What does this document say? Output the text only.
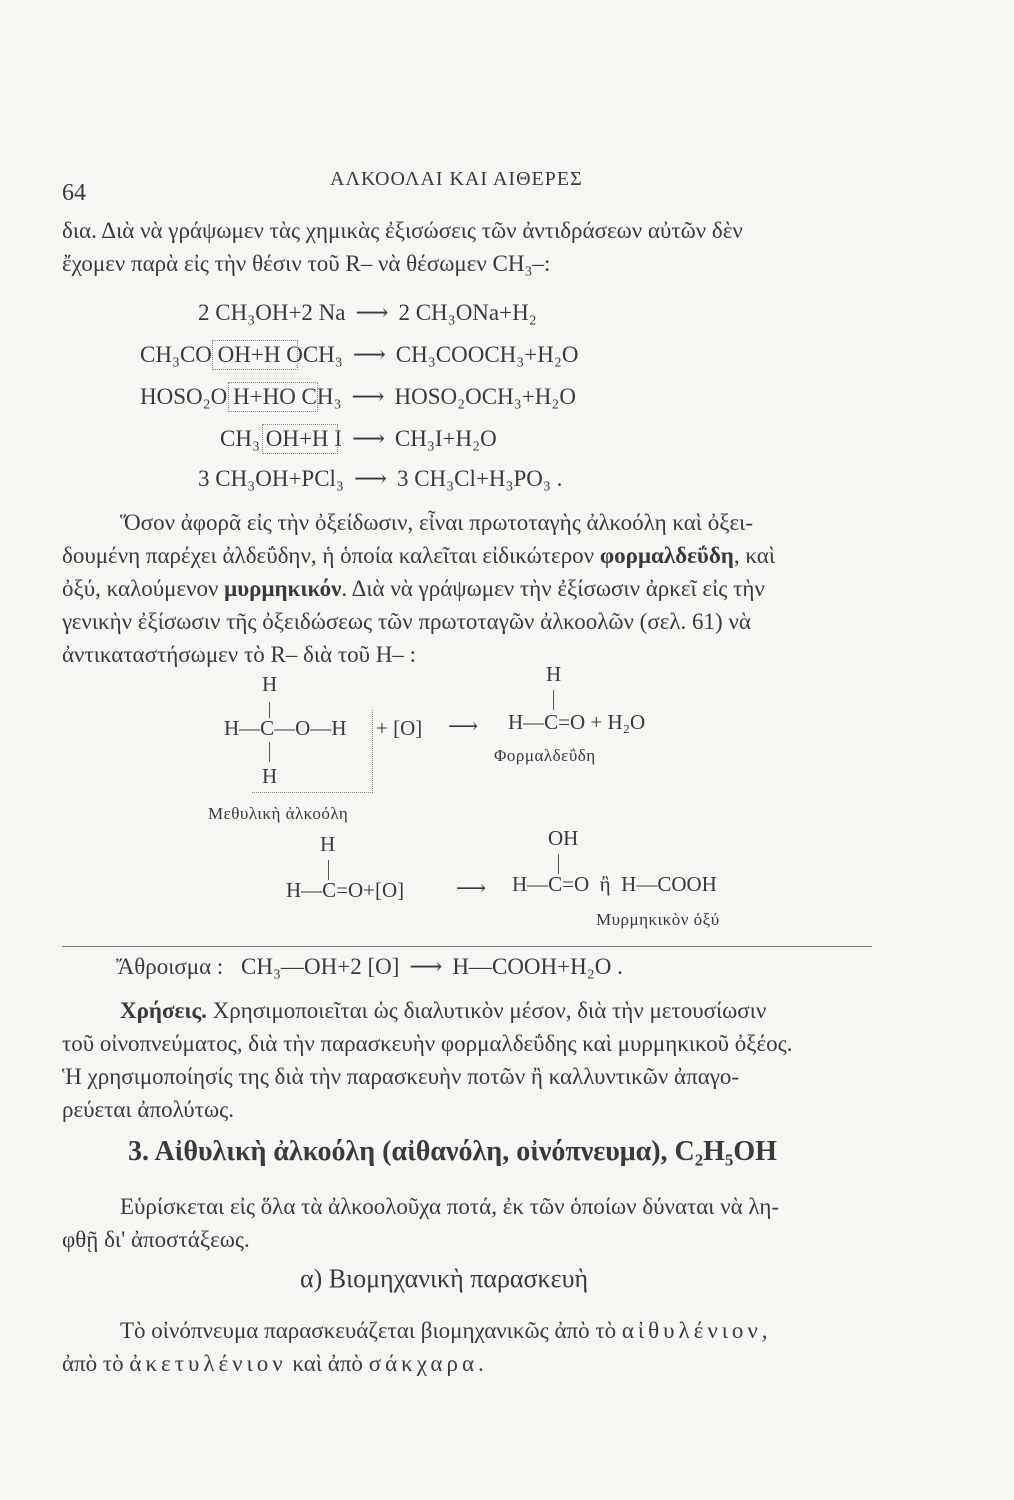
64
ΑΛΚΟΟΛΑΙ ΚΑΙ ΑΙΘΕΡΕΣ
δια. Διὰ νὰ γράψωμεν τὰς χημικὰς ἐξισώσεις τῶν ἀντιδράσεων αὐτῶν δὲν
ἔχομεν παρὰ εἰς τὴν θέσιν τοῦ R– νὰ θέσωμεν CH₃–:
2 CH₃OH+2 Na ⟶ 2 CH₃ONa+H₂
CH₃CO OH+H OCH₃ ⟶ CH₃COOCH₃+H₂O
HOSO₂O H+HO CH₃ ⟶ HOSO₂OCH₃+H₂O
CH₃ OH+H I ⟶ CH₃I+H₂O
3 CH₃OH+PCl₃ ⟶ 3 CH₃Cl+H₃PO₃ .
Ὅσον ἀφορᾶ εἰς τὴν ὀξείδωσιν, εἶναι πρωτοταγὴς ἀλκοόλη καὶ ὀξει-
δουμένη παρέχει ἀλδεΰδην, ἡ ὁποία καλεῖται εἰδικώτερον φορμαλδεΰδη, καὶ
ὀξύ, καλούμενον μυρμηκικόν. Διὰ νὰ γράψωμεν τὴν ἐξίσωσιν ἀρκεῖ εἰς τὴν
γενικὴν ἐξίσωσιν τῆς ὀξειδώσεως τῶν πρωτοταγῶν ἀλκοολῶν (σελ. 61) νὰ
ἀντικαταστήσωμεν τὸ R– διὰ τοῦ H– :
H
H—C—O—H + [O] ⟶
H
H
H—C=O + H₂O
Μεθυλικὴ ἀλκοόλη
Φορμαλδεΰδη
H
H—C=O+[O] ⟶
OH
H—C=O  ἢ  H—COOH
Μυρμηκικὸν ὀξύ
Ἄθροισμα : CH₃—OH+2 [O] ⟶ H—COOH+H₂O .
Χρήσεις. Χρησιμοποιεῖται ὡς διαλυτικὸν μέσον, διὰ τὴν μετουσίωσιν
τοῦ οἰνοπνεύματος, διὰ τὴν παρασκευὴν φορμαλδεΰδης καὶ μυρμηκικοῦ ὀξέος.
Ἡ χρησιμοποίησίς της διὰ τὴν παρασκευὴν ποτῶν ἢ καλλυντικῶν ἀπαγο-
ρεύεται ἀπολύτως.
3. Αἰθυλικὴ ἀλκοόλη (αἰθανόλη, οἰνόπνευμα), C₂H₅OH
Εὑρίσκεται εἰς ὅλα τὰ ἀλκοολοῦχα ποτά, ἐκ τῶν ὁποίων δύναται νὰ λη-
φθῇ δι' ἀποστάξεως.
α) Βιομηχανικὴ παρασκευὴ
Τὸ οἰνόπνευμα παρασκευάζεται βιομηχανικῶς ἀπὸ τὸ αἰθυλένιον,
ἀπὸ τὸ ἀκετυλένιον καὶ ἀπὸ σάκχαρα.
